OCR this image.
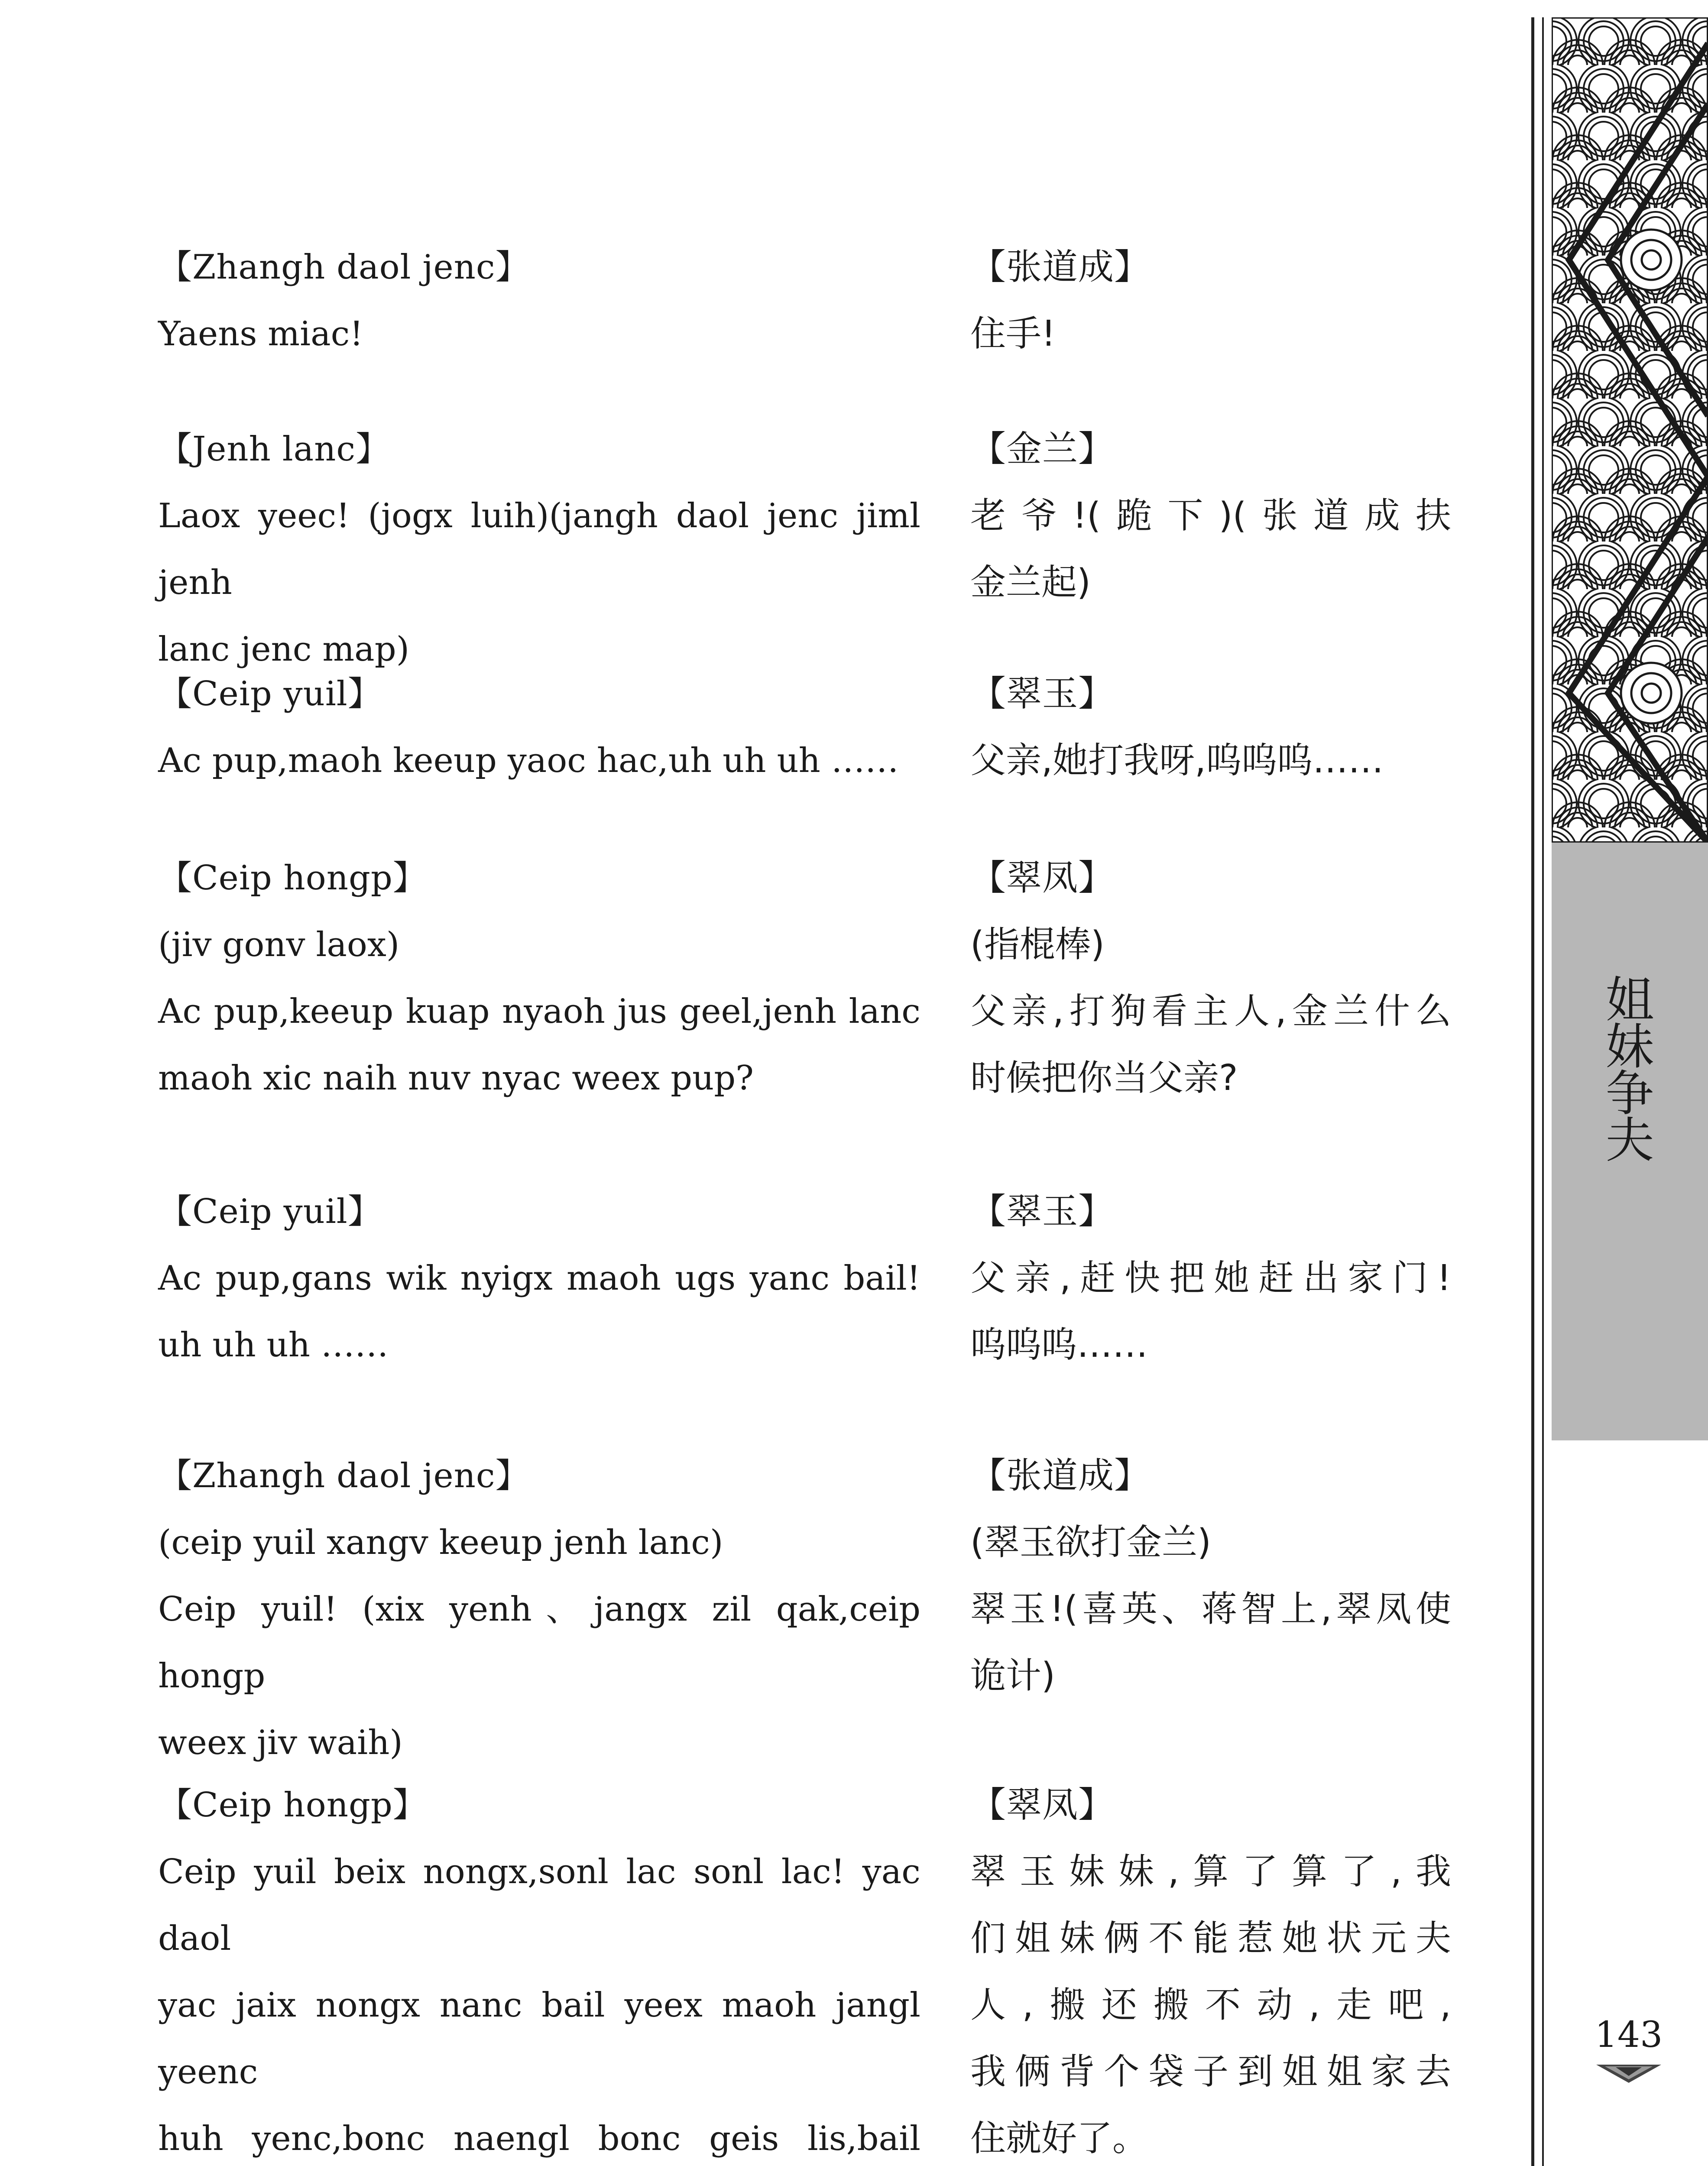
【Zhangh daol jenc】
Yaens miac!
【张道成】
住手!
【Jenh lanc】
Laox yeec! (jogx luih)(jangh daol jenc jiml jenh
lanc jenc map)
【金兰】
老爷!(跪下)(张道成扶
金兰起)
【Ceip yuil】
Ac pup,maoh keeup yaoc hac,uh uh uh ……
【翠玉】
父亲,她打我呀,呜呜呜……
【Ceip hongp】
(jiv gonv laox)
Ac pup,keeup kuap nyaoh jus geel,jenh lanc
maoh xic naih nuv nyac weex pup?
【翠凤】
(指棍棒)
父亲,打狗看主人,金兰什么
时候把你当父亲?
【Ceip yuil】
Ac pup,gans wik nyigx maoh ugs yanc bail!
uh uh uh ……
【翠玉】
父亲,赶快把她赶出家门!
呜呜呜……
【Zhangh daol jenc】
(ceip yuil xangv keeup jenh lanc)
Ceip yuil! (xix yenh、jangx zil qak,ceip hongp
weex jiv waih)
【张道成】
(翠玉欲打金兰)
翠玉!(喜英、蒋智上,翠凤使
诡计)
【Ceip hongp】
Ceip yuil beix nongx,sonl lac sonl lac! yac daol
yac jaix nongx nanc bail yeex maoh jangl yeenc
huh yenc,bonc naengl bonc geis lis,bail
【翠凤】
翠玉妹妹,算了算了,我
们姐妹俩不能惹她状元夫
人,搬还搬不动,走吧,
我俩背个袋子到姐姐家去
住就好了。
姐
妹
争
夫
143
